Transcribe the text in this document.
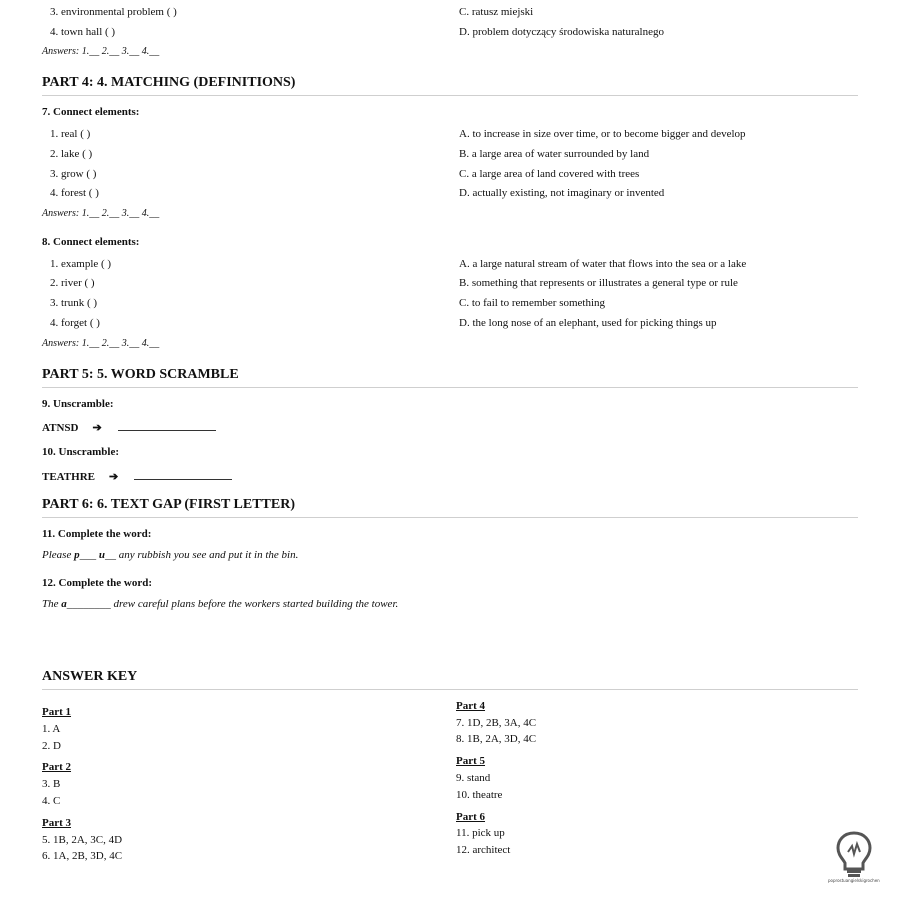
3. environmental problem ( )	C. ratusz miejski
4. town hall ( )	D. problem dotyczący środowiska naturalnego
Answers: 1.__ 2.__ 3.__ 4.__
PART 4: 4. MATCHING (DEFINITIONS)
7. Connect elements:
1. real ( )	A. to increase in size over time, or to become bigger and develop
2. lake ( )	B. a large area of water surrounded by land
3. grow ( )	C. a large area of land covered with trees
4. forest ( )	D. actually existing, not imaginary or invented
Answers: 1.__ 2.__ 3.__ 4.__
8. Connect elements:
1. example ( )	A. a large natural stream of water that flows into the sea or a lake
2. river ( )	B. something that represents or illustrates a general type or rule
3. trunk ( )	C. to fail to remember something
4. forget ( )	D. the long nose of an elephant, used for picking things up
Answers: 1.__ 2.__ 3.__ 4.__
PART 5: 5. WORD SCRAMBLE
9. Unscramble:
ATNSD ➔
10. Unscramble:
TEATHRE ➔
PART 6: 6. TEXT GAP (FIRST LETTER)
11. Complete the word:
Please p___ u__ any rubbish you see and put it in the bin.
12. Complete the word:
The a________ drew careful plans before the workers started building the tower.
ANSWER KEY
Part 1
1. A
2. D
Part 2
3. B
4. C
Part 3
5. 1B, 2A, 3C, 4D
6. 1A, 2B, 3D, 4C
Part 4
7. 1D, 2B, 3A, 4C
8. 1B, 2A, 3D, 4C
Part 5
9. stand
10. theatre
Part 6
11. pick up
12. architect
poprostuangielskigrochen
